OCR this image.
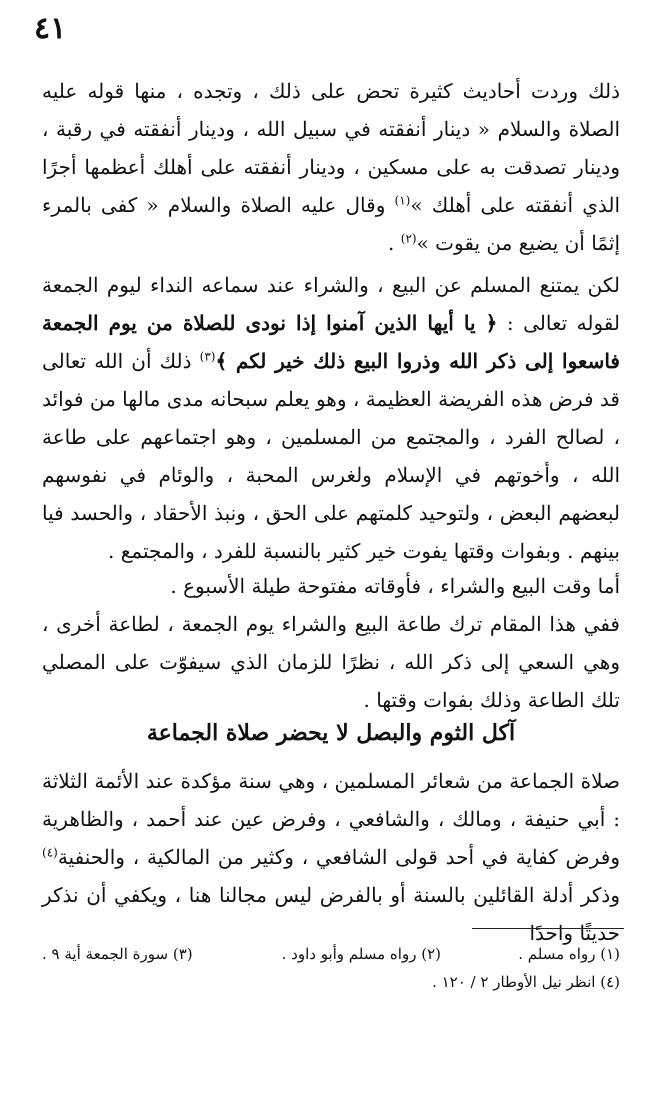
٤١
ذلك وردت أحاديث كثيرة تحض على ذلك ، وتجده ، منها قوله عليه الصلاة والسلام « دينار أنفقته في سبيل الله ، ودينار أنفقته في رقبة ، ودينار تصدقت به على مسكين ، ودينار أنفقته على أهلك أعظمها أجرًا الذي أنفقته على أهلك »$^{(١)}$ وقال عليه الصلاة والسلام « كفى بالمرء إثمًا أن يضيع من يقوت »$^{(٢)}$ .
لكن يمتنع المسلم عن البيع ، والشراء عند سماعه النداء ليوم الجمعة لقوله تعالى : ﴿ يا أيها الذين آمنوا إذا نودى للصلاة من يوم الجمعة فاسعوا إلى ذكر الله وذروا البيع ذلك خير لكم ﴾$^{(٣)}$ ذلك أن الله تعالى قد فرض هذه الفريضة العظيمة ، وهو يعلم سبحانه مدى مالها من فوائد ، لصالح الفرد ، والمجتمع من المسلمين ، وهو اجتماعهم على طاعة الله ، وأخوتهم في الإسلام ولغرس المحبة ، والوئام في نفوسهم لبعضهم البعض ، ولتوحيد كلمتهم على الحق ، ونبذ الأحقاد ، والحسد فيا بينهم . وبفوات وقتها يفوت خير كثير بالنسبة للفرد ، والمجتمع .
أما وقت البيع والشراء ، فأوقاته مفتوحة طيلة الأسبوع .
ففي هذا المقام ترك طاعة البيع والشراء يوم الجمعة ، لطاعة أخرى ، وهي السعي إلى ذكر الله ، نظرًا للزمان الذي سيفوّت على المصلي تلك الطاعة وذلك بفوات وقتها .
آكل الثوم والبصل لا يحضر صلاة الجماعة
صلاة الجماعة من شعائر المسلمين ، وهي سنة مؤكدة عند الأئمة الثلاثة : أبي حنيفة ، ومالك ، والشافعي ، وفرض عين عند أحمد ، والظاهرية وفرض كفاية في أحد قولى الشافعي ، وكثير من المالكية ، والحنفية$^{(٤)}$ وذكر أدلة القائلين بالسنة أو بالفرض ليس مجالنا هنا ، ويكفي أن نذكر حديثًا واحدًا
(١) رواه مسلم .
(٢) رواه مسلم وأبو داود .
(٣) سورة الجمعة أية ٩ .
(٤) انظر نيل الأوطار ٢ / ١٢٠ .
